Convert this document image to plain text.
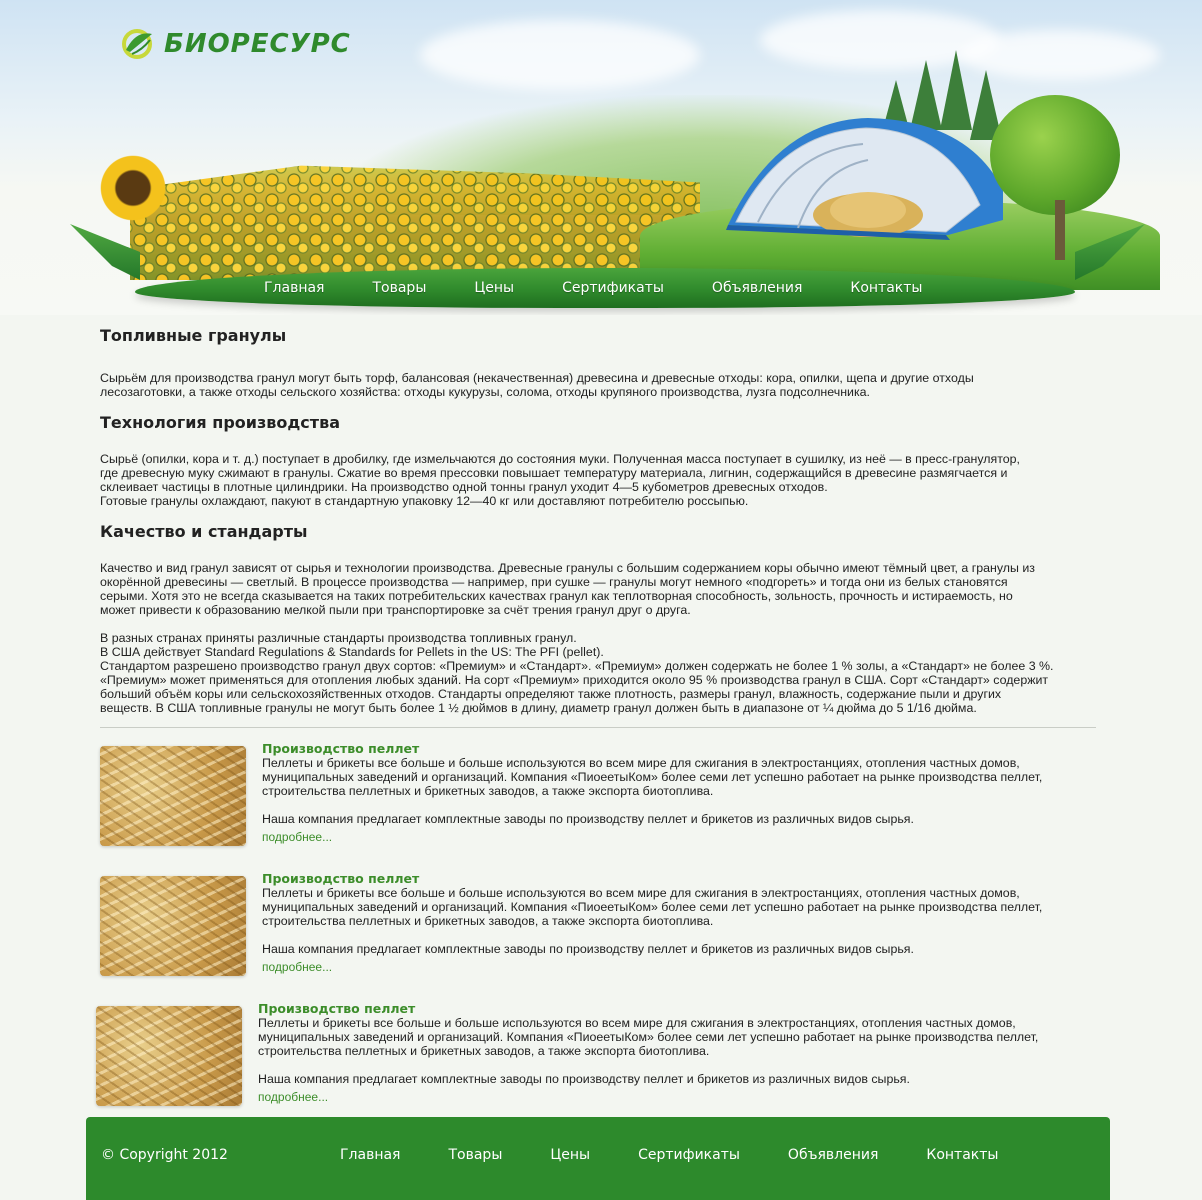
БИОРЕСУРС
Главная	Товары	Цены	Сертификаты	Объявления	Контакты
Топливные гранулы

Сырьём для производства гранул могут быть торф, балансовая (некачественная) древесина и древесные отходы: кора, опилки, щепа и другие отходы

лесозаготовки, а также отходы сельского хозяйства: отходы кукурузы, солома, отходы крупяного производства, лузга подсолнечника.

Технология производства

Сырьё (опилки, кора и т. д.) поступает в дробилку, где измельчаются до состояния муки. Полученная масса поступает в сушилку, из неё — в пресс-гранулятор,

где древесную муку сжимают в гранулы. Сжатие во время прессовки повышает температуру материала, лигнин, содержащийся в древесине размягчается и

склеивает частицы в плотные цилиндрики. На производство одной тонны гранул уходит 4—5 кубометров древесных отходов.

Готовые гранулы охлаждают, пакуют в стандартную упаковку 12—40 кг или доставляют потребителю россыпью.

Качество и стандарты

Качество и вид гранул зависят от сырья и технологии производства. Древесные гранулы с большим содержанием коры обычно имеют тёмный цвет, а гранулы из

окорённой древесины — светлый. В процессе производства — например, при сушке — гранулы могут немного «подгореть» и тогда они из белых становятся

серыми. Хотя это не всегда сказывается на таких потребительских качествах гранул как теплотворная способность, зольность, прочность и истираемость, но

может привести к образованию мелкой пыли при транспортировке за счёт трения гранул друг о друга.

В разных странах приняты различные стандарты производства топливных гранул.

В США действует Standard Regulations & Standards for Pellets in the US: The PFI (pellet).

Стандартом разрешено производство гранул двух сортов: «Премиум» и «Стандарт». «Премиум» должен содержать не более 1 % золы, а «Стандарт» не более 3 %.

«Премиум» может применяться для отопления любых зданий. На сорт «Премиум» приходится около 95 % производства гранул в США. Сорт «Стандарт» содержит

больший объём коры или сельскохозяйственных отходов. Стандарты определяют также плотность, размеры гранул, влажность, содержание пыли и других

веществ. В США топливные гранулы не могут быть более 1 ½ дюймов в длину, диаметр гранул должен быть в диапазоне от ¼ дюйма до 5 1/16 дюйма.

Производство пеллет

Пеллеты и брикеты все больше и больше используются во всем мире для сжигания в электростанциях, отопления частных домов,

муниципальных заведений и организаций. Компания «ПиоеетыКом» более семи лет успешно работает на рынке производства пеллет,

строительства пеллетных и брикетных заводов, а также экспорта биотоплива.

Наша компания предлагает комплектные заводы по производству пеллет и брикетов из различных видов сырья.

подробнее...
Производство пеллет

Пеллеты и брикеты все больше и больше используются во всем мире для сжигания в электростанциях, отопления частных домов,

муниципальных заведений и организаций. Компания «ПиоеетыКом» более семи лет успешно работает на рынке производства пеллет,

строительства пеллетных и брикетных заводов, а также экспорта биотоплива.

Наша компания предлагает комплектные заводы по производству пеллет и брикетов из различных видов сырья.

подробнее...
Производство пеллет

Пеллеты и брикеты все больше и больше используются во всем мире для сжигания в электростанциях, отопления частных домов,

муниципальных заведений и организаций. Компания «ПиоеетыКом» более семи лет успешно работает на рынке производства пеллет,

строительства пеллетных и брикетных заводов, а также экспорта биотоплива.

Наша компания предлагает комплектные заводы по производству пеллет и брикетов из различных видов сырья.

подробнее...
© Copyright 2012	Главная	Товары	Цены	Сертификаты	Объявления	Контакты
